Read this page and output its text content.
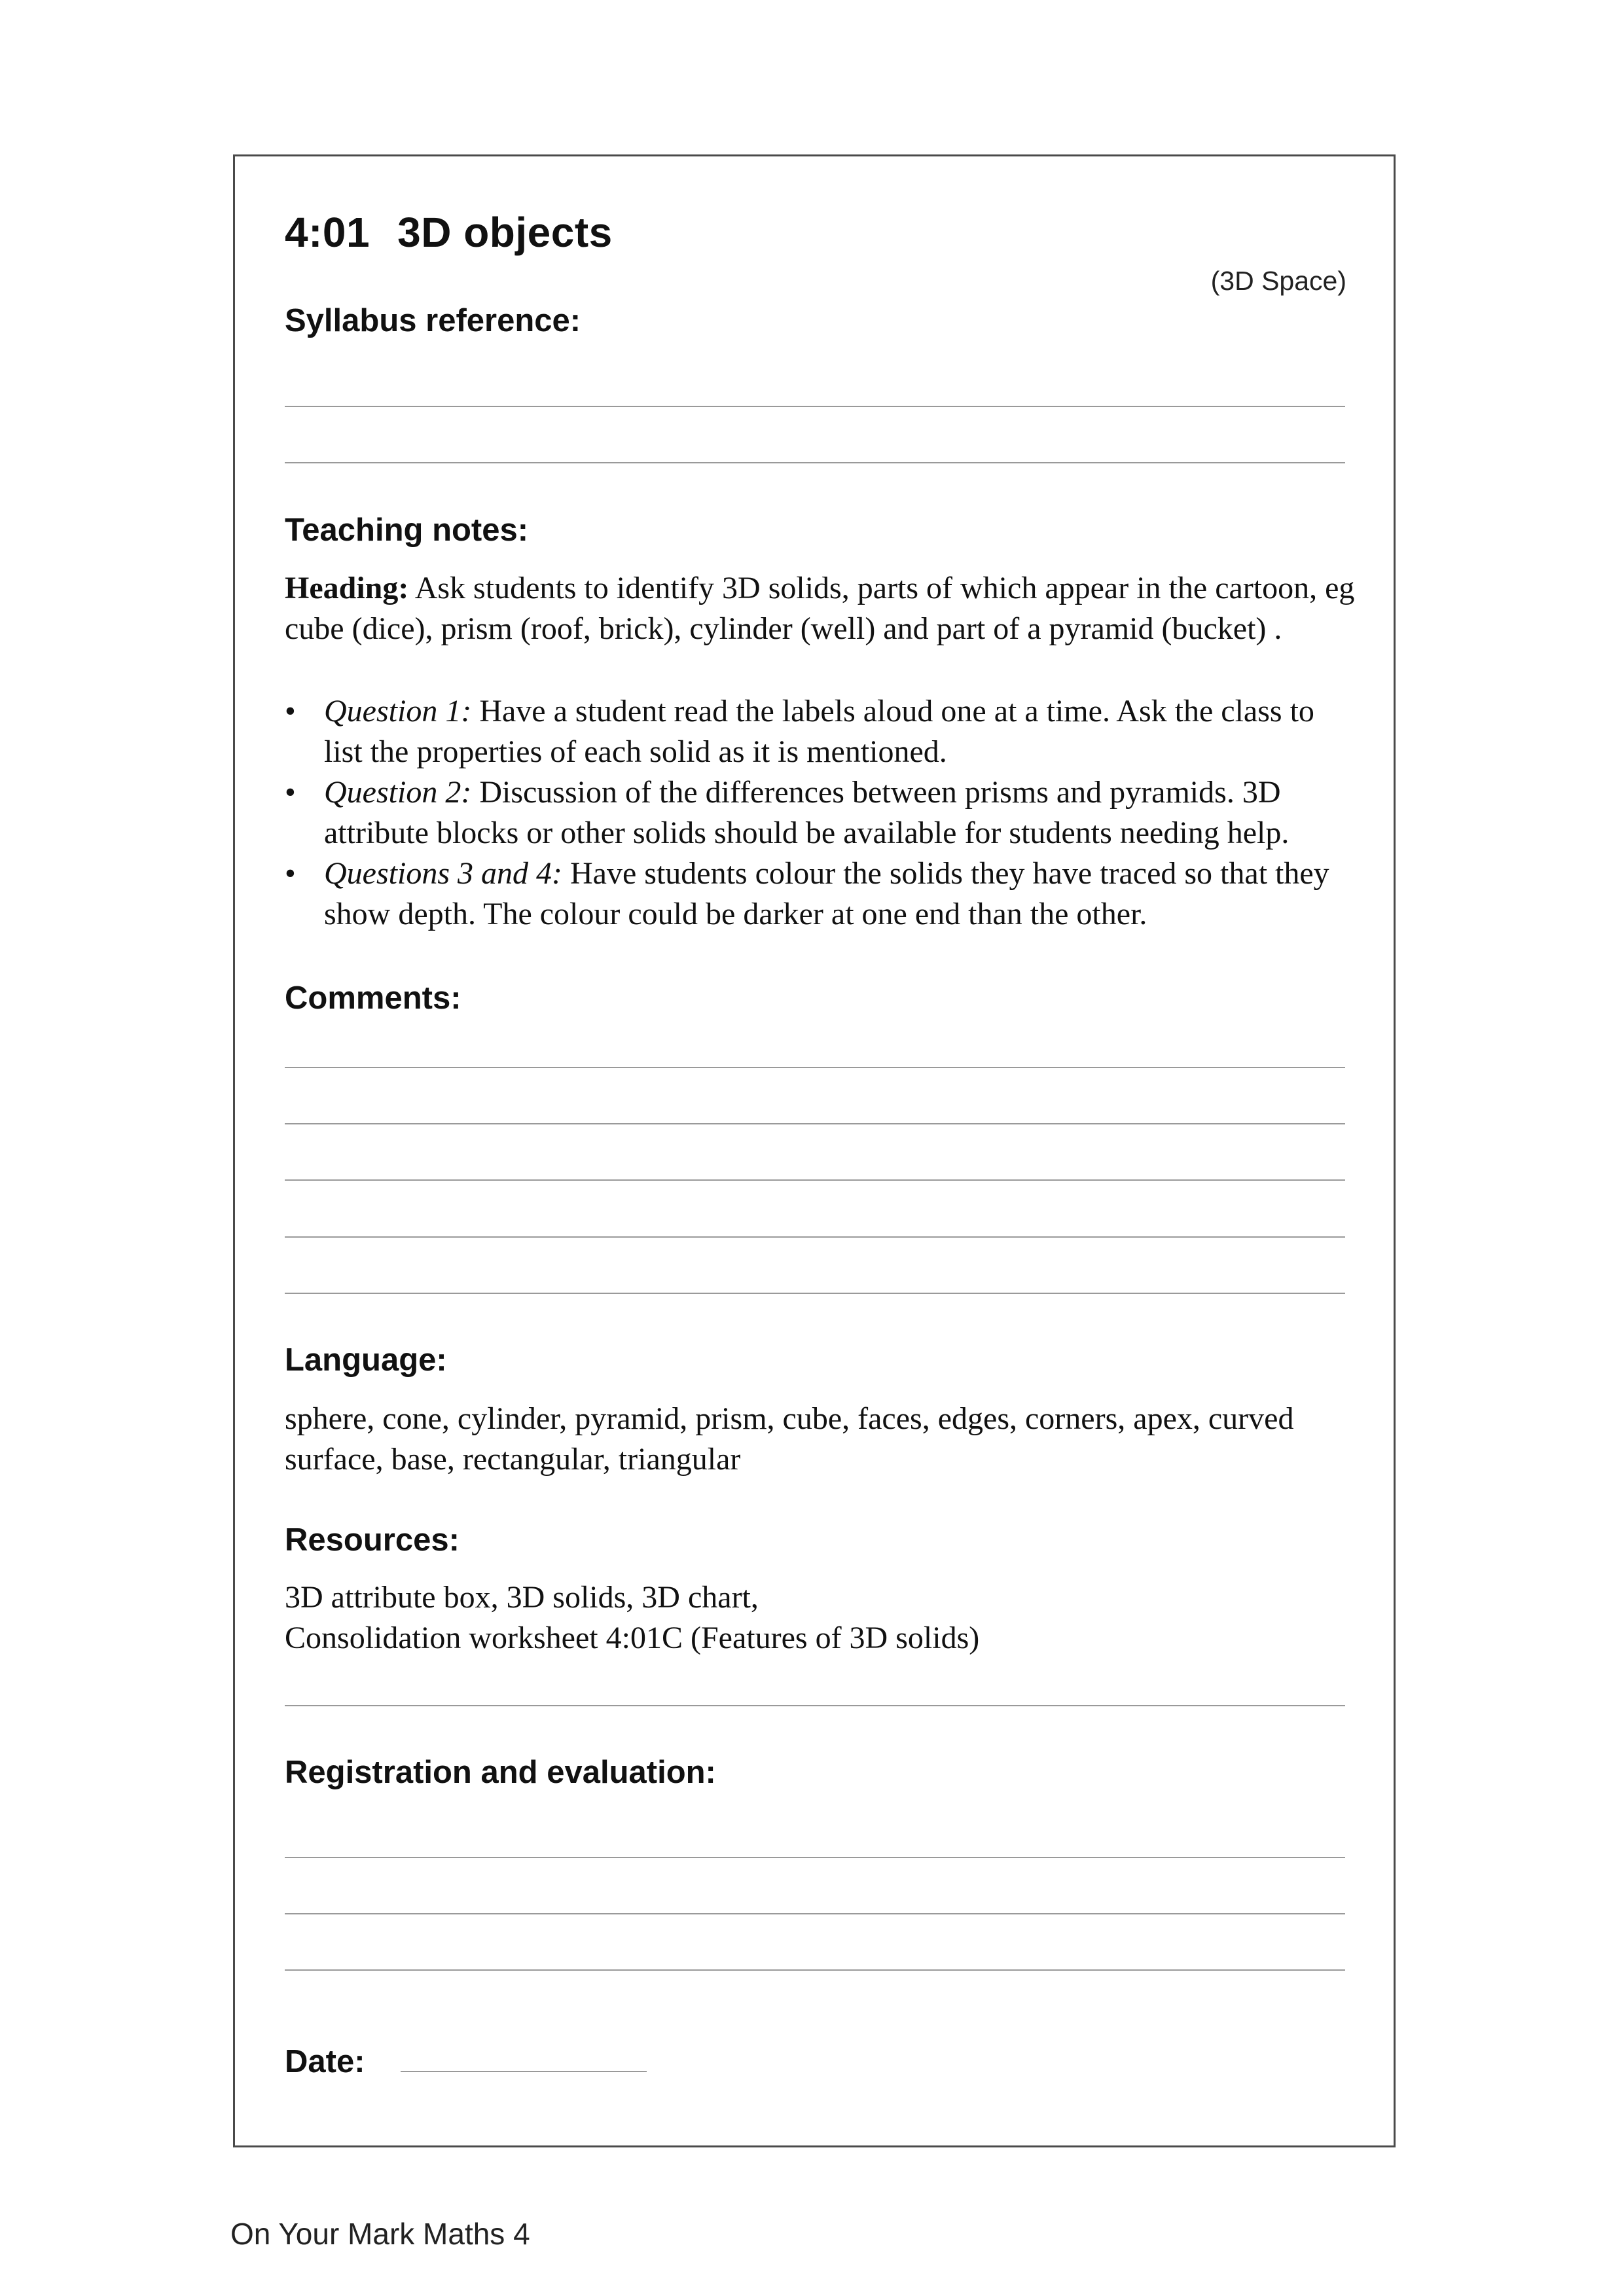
4:01 3D objects
(3D Space)
Syllabus reference:
Teaching notes:
Heading: Ask students to identify 3D solids, parts of which appear in the cartoon, eg cube (dice), prism (roof, brick), cylinder (well) and part of a pyramid (bucket) .
• Question 1: Have a student read the labels aloud one at a time. Ask the class to list the properties of each solid as it is mentioned.
• Question 2: Discussion of the differences between prisms and pyramids. 3D attribute blocks or other solids should be available for students needing help.
• Questions 3 and 4: Have students colour the solids they have traced so that they show depth. The colour could be darker at one end than the other.
Comments:
Language:
sphere, cone, cylinder, pyramid, prism, cube, faces, edges, corners, apex, curved surface, base, rectangular, triangular
Resources:
3D attribute box, 3D solids, 3D chart,
Consolidation worksheet 4:01C (Features of 3D solids)
Registration and evaluation:
Date:
On Your Mark Maths 4
